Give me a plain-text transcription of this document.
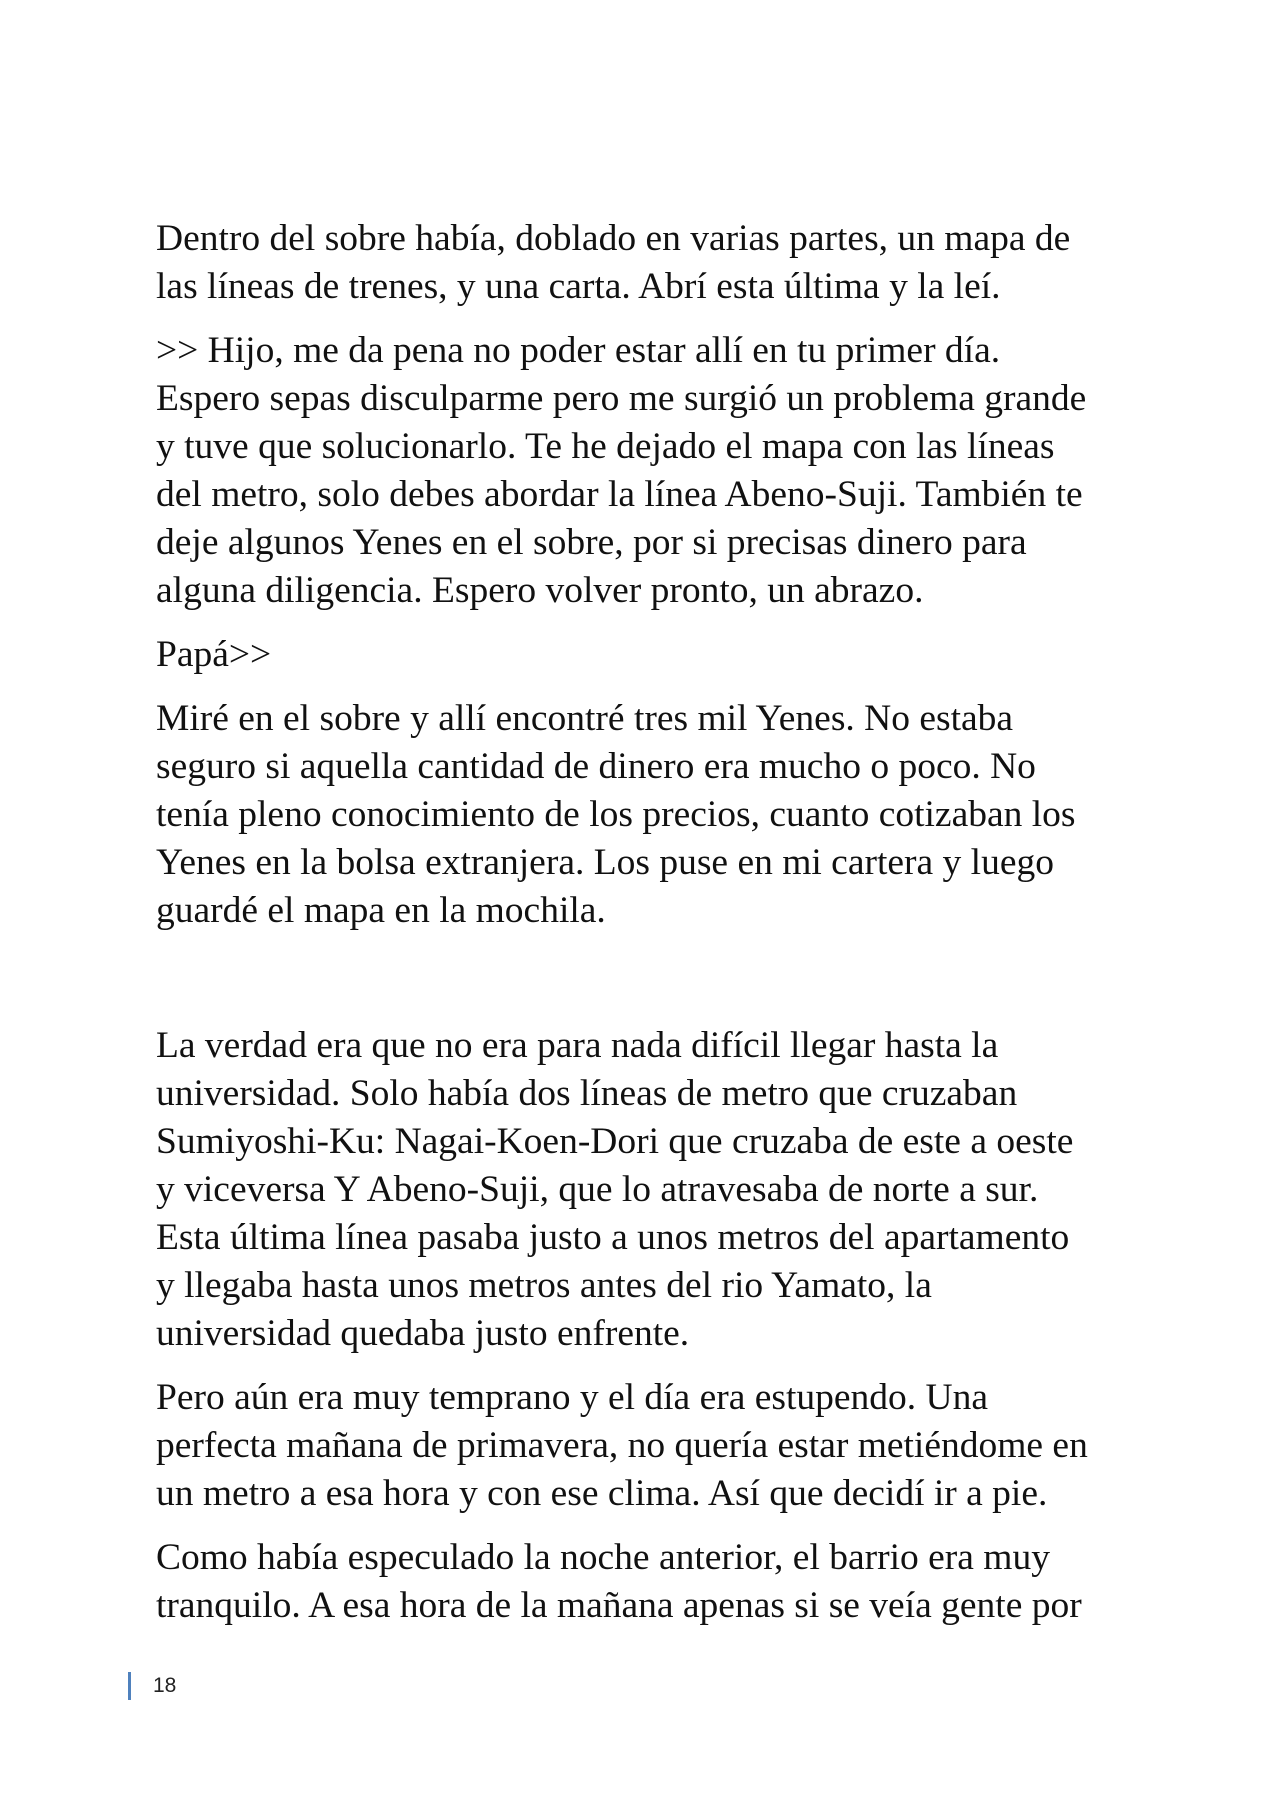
Dentro del sobre había, doblado en varias partes, un mapa de
las líneas de trenes, y una carta. Abrí esta última y la leí.

>> Hijo, me da pena no poder estar allí en tu primer día.
Espero sepas disculparme pero me surgió un problema grande
y tuve que solucionarlo. Te he dejado el mapa con las líneas
del metro, solo debes abordar la línea Abeno-Suji. También te
deje algunos Yenes en el sobre, por si precisas dinero para
alguna diligencia. Espero volver pronto, un abrazo.

Papá>>

Miré en el sobre y allí encontré tres mil Yenes. No estaba
seguro si aquella cantidad de dinero era mucho o poco. No
tenía pleno conocimiento de los precios, cuanto cotizaban los
Yenes en la bolsa extranjera. Los puse en mi cartera y luego
guardé el mapa en la mochila.

La verdad era que no era para nada difícil llegar hasta la
universidad. Solo había dos líneas de metro que cruzaban
Sumiyoshi-Ku: Nagai-Koen-Dori que cruzaba de este a oeste
y viceversa Y Abeno-Suji, que lo atravesaba de norte a sur.
Esta última línea pasaba justo a unos metros del apartamento
y llegaba hasta unos metros antes del rio Yamato, la
universidad quedaba justo enfrente.

Pero aún era muy temprano y el día era estupendo. Una
perfecta mañana de primavera, no quería estar metiéndome en
un metro a esa hora y con ese clima. Así que decidí ir a pie.

Como había especulado la noche anterior, el barrio era muy
tranquilo. A esa hora de la mañana apenas si se veía gente por

18
